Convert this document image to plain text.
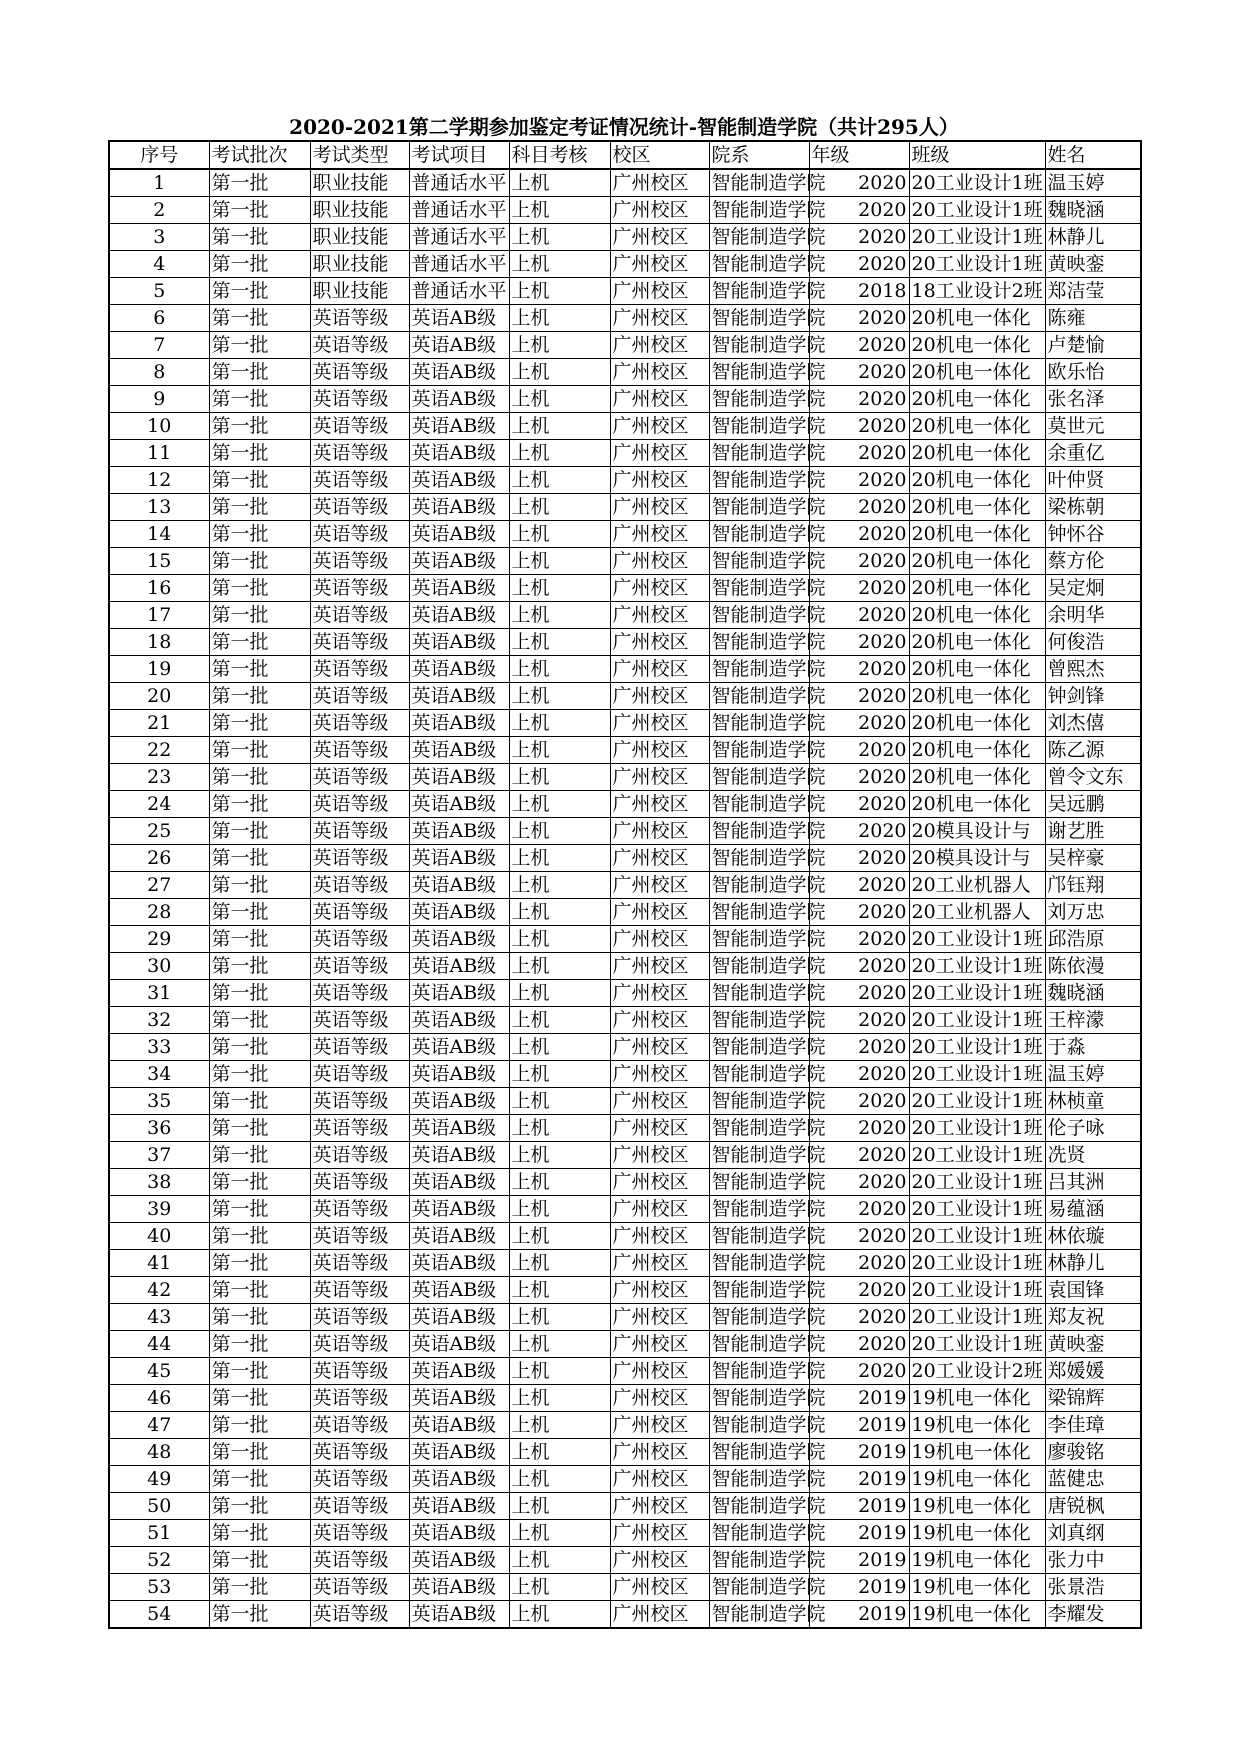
2020-2021第二学期参加鉴定考证情况统计-智能制造学院（共计295人）
序号	考试批次	考试类型	考试项目	科目考核	校区	院系	年级	班级	姓名
1	第一批	职业技能	普通话水平	上机	广州校区	智能制造学院	2020	20工业设计1班	温玉婷
2	第一批	职业技能	普通话水平	上机	广州校区	智能制造学院	2020	20工业设计1班	魏晓涵
3	第一批	职业技能	普通话水平	上机	广州校区	智能制造学院	2020	20工业设计1班	林静儿
4	第一批	职业技能	普通话水平	上机	广州校区	智能制造学院	2020	20工业设计1班	黄映銮
5	第一批	职业技能	普通话水平	上机	广州校区	智能制造学院	2018	18工业设计2班	郑洁莹
6	第一批	英语等级	英语AB级	上机	广州校区	智能制造学院	2020	20机电一体化	陈雍
7	第一批	英语等级	英语AB级	上机	广州校区	智能制造学院	2020	20机电一体化	卢楚愉
8	第一批	英语等级	英语AB级	上机	广州校区	智能制造学院	2020	20机电一体化	欧乐怡
9	第一批	英语等级	英语AB级	上机	广州校区	智能制造学院	2020	20机电一体化	张名泽
10	第一批	英语等级	英语AB级	上机	广州校区	智能制造学院	2020	20机电一体化	莫世元
11	第一批	英语等级	英语AB级	上机	广州校区	智能制造学院	2020	20机电一体化	余重亿
12	第一批	英语等级	英语AB级	上机	广州校区	智能制造学院	2020	20机电一体化	叶仲贤
13	第一批	英语等级	英语AB级	上机	广州校区	智能制造学院	2020	20机电一体化	梁栋朝
14	第一批	英语等级	英语AB级	上机	广州校区	智能制造学院	2020	20机电一体化	钟怀谷
15	第一批	英语等级	英语AB级	上机	广州校区	智能制造学院	2020	20机电一体化	蔡方伦
16	第一批	英语等级	英语AB级	上机	广州校区	智能制造学院	2020	20机电一体化	吴定炯
17	第一批	英语等级	英语AB级	上机	广州校区	智能制造学院	2020	20机电一体化	余明华
18	第一批	英语等级	英语AB级	上机	广州校区	智能制造学院	2020	20机电一体化	何俊浩
19	第一批	英语等级	英语AB级	上机	广州校区	智能制造学院	2020	20机电一体化	曾熙杰
20	第一批	英语等级	英语AB级	上机	广州校区	智能制造学院	2020	20机电一体化	钟剑锋
21	第一批	英语等级	英语AB级	上机	广州校区	智能制造学院	2020	20机电一体化	刘杰僖
22	第一批	英语等级	英语AB级	上机	广州校区	智能制造学院	2020	20机电一体化	陈乙源
23	第一批	英语等级	英语AB级	上机	广州校区	智能制造学院	2020	20机电一体化	曾令文东
24	第一批	英语等级	英语AB级	上机	广州校区	智能制造学院	2020	20机电一体化	吴远鹏
25	第一批	英语等级	英语AB级	上机	广州校区	智能制造学院	2020	20模具设计与	谢艺胜
26	第一批	英语等级	英语AB级	上机	广州校区	智能制造学院	2020	20模具设计与	吴梓豪
27	第一批	英语等级	英语AB级	上机	广州校区	智能制造学院	2020	20工业机器人	邝钰翔
28	第一批	英语等级	英语AB级	上机	广州校区	智能制造学院	2020	20工业机器人	刘万忠
29	第一批	英语等级	英语AB级	上机	广州校区	智能制造学院	2020	20工业设计1班	邱浩原
30	第一批	英语等级	英语AB级	上机	广州校区	智能制造学院	2020	20工业设计1班	陈依漫
31	第一批	英语等级	英语AB级	上机	广州校区	智能制造学院	2020	20工业设计1班	魏晓涵
32	第一批	英语等级	英语AB级	上机	广州校区	智能制造学院	2020	20工业设计1班	王梓濛
33	第一批	英语等级	英语AB级	上机	广州校区	智能制造学院	2020	20工业设计1班	于淼
34	第一批	英语等级	英语AB级	上机	广州校区	智能制造学院	2020	20工业设计1班	温玉婷
35	第一批	英语等级	英语AB级	上机	广州校区	智能制造学院	2020	20工业设计1班	林桢童
36	第一批	英语等级	英语AB级	上机	广州校区	智能制造学院	2020	20工业设计1班	伦子咏
37	第一批	英语等级	英语AB级	上机	广州校区	智能制造学院	2020	20工业设计1班	冼贤
38	第一批	英语等级	英语AB级	上机	广州校区	智能制造学院	2020	20工业设计1班	吕其洲
39	第一批	英语等级	英语AB级	上机	广州校区	智能制造学院	2020	20工业设计1班	易蕴涵
40	第一批	英语等级	英语AB级	上机	广州校区	智能制造学院	2020	20工业设计1班	林依璇
41	第一批	英语等级	英语AB级	上机	广州校区	智能制造学院	2020	20工业设计1班	林静儿
42	第一批	英语等级	英语AB级	上机	广州校区	智能制造学院	2020	20工业设计1班	袁国锋
43	第一批	英语等级	英语AB级	上机	广州校区	智能制造学院	2020	20工业设计1班	郑友祝
44	第一批	英语等级	英语AB级	上机	广州校区	智能制造学院	2020	20工业设计1班	黄映銮
45	第一批	英语等级	英语AB级	上机	广州校区	智能制造学院	2020	20工业设计2班	郑媛媛
46	第一批	英语等级	英语AB级	上机	广州校区	智能制造学院	2019	19机电一体化	梁锦辉
47	第一批	英语等级	英语AB级	上机	广州校区	智能制造学院	2019	19机电一体化	李佳璋
48	第一批	英语等级	英语AB级	上机	广州校区	智能制造学院	2019	19机电一体化	廖骏铭
49	第一批	英语等级	英语AB级	上机	广州校区	智能制造学院	2019	19机电一体化	蓝健忠
50	第一批	英语等级	英语AB级	上机	广州校区	智能制造学院	2019	19机电一体化	唐锐枫
51	第一批	英语等级	英语AB级	上机	广州校区	智能制造学院	2019	19机电一体化	刘真纲
52	第一批	英语等级	英语AB级	上机	广州校区	智能制造学院	2019	19机电一体化	张力中
53	第一批	英语等级	英语AB级	上机	广州校区	智能制造学院	2019	19机电一体化	张景浩
54	第一批	英语等级	英语AB级	上机	广州校区	智能制造学院	2019	19机电一体化	李耀发
